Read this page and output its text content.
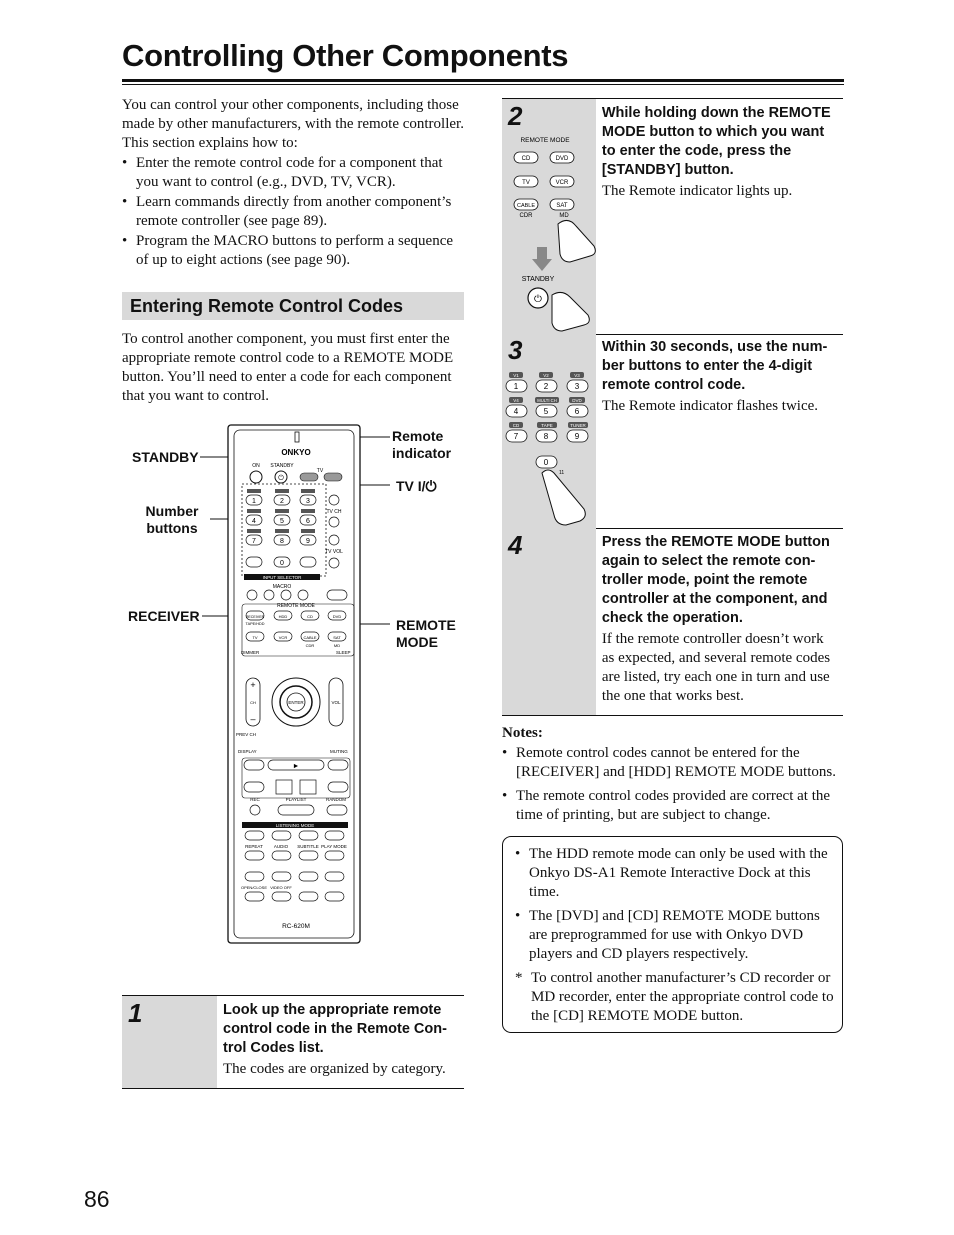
Controlling Other Components
You can control your other components, including those made by other manufacturers, with the remote controller. This section explains how to:
• Enter the remote control code for a component that you want to control (e.g., DVD, TV, VCR).
• Learn commands directly from another component’s remote controller (see page 89).
• Program the MACRO buttons to perform a sequence of up to eight actions (see page 90).
Entering Remote Control Codes
To control another component, you must first enter the appropriate remote control code to a REMOTE MODE button. You’ll need to enter a code for each component that you want to control.
STANDBY
Remote indicator
TV I/⏻
Number buttons
RECEIVER
REMOTE MODE
ONKYO
ON STANDBY
TV
⏻
1	2	3
4	5	6
7	8	9
0
TV CH
TV VOL
INPUT SELECTOR
MACRO
REMOTE MODE
RECEIVER	HDD	CD	DVD
TAPE/HDD
TV	VCR	CABLE	SAT
CDR	MD
DIMMER	SLEEP
ENTER
+
–
CH	VOL
PREV CH
DISPLAY	MUTING
►
REC	PLAYLIST	RANDOM
LISTENING MODE
REPEAT AUDIO SUBTITLE PLAY MODE
OPEN/CLOSE VIDEO OFF
RC-620M
1	Look up the appropriate remote control code in the Remote Con-trol Codes list.
The codes are organized by category.
2
REMOTE MODE
CD	DVD
TV	VCR
CABLE	SAT
CDR	MD
STANDBY
⏻
While holding down the REMOTE MODE button to which you want to enter the code, press the [STANDBY] button.
The Remote indicator lights up.
3
V1	V2	V3
1	2	3
V4	MULTI CH	DVD
4	5	6
CD	TAPE	TUNER
7	8	9
0
11
Within 30 seconds, use the num-ber buttons to enter the 4-digit remote control code.
The Remote indicator flashes twice.
4	Press the REMOTE MODE button again to select the remote con-troller mode, point the remote controller at the component, and check the operation.
If the remote controller doesn’t work as expected, and several remote codes are listed, try each one in turn and use the one that works best.
Notes:
• Remote control codes cannot be entered for the [RECEIVER] and [HDD] REMOTE MODE buttons.
• The remote control codes provided are correct at the time of printing, but are subject to change.
• The HDD remote mode can only be used with the Onkyo DS-A1 Remote Interactive Dock at this time.
• The [DVD] and [CD] REMOTE MODE buttons are preprogrammed for use with Onkyo DVD players and CD players respectively.
* To control another manufacturer’s CD recorder or MD recorder, enter the appropriate control code to the [CD] REMOTE MODE button.
86
